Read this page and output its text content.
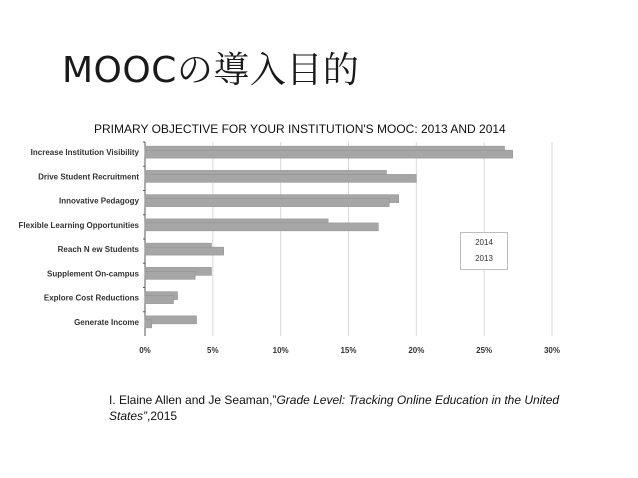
MOOCの導入目的
PRIMARY OBJECTIVE FOR YOUR INSTITUTION'S MOOC: 2013 AND 2014
Increase Institution Visibility
Drive Student Recruitment
Innovative Pedagogy
Flexible Learning Opportunities
Reach N ew Students
Supplement On-campus
Explore Cost Reductions
Generate Income
0%	5%	10%	15%	20%	25%	30%
2014
2013
I. Elaine Allen and Je Seaman,”Grade Level: Tracking Online Education in the United States”,2015
